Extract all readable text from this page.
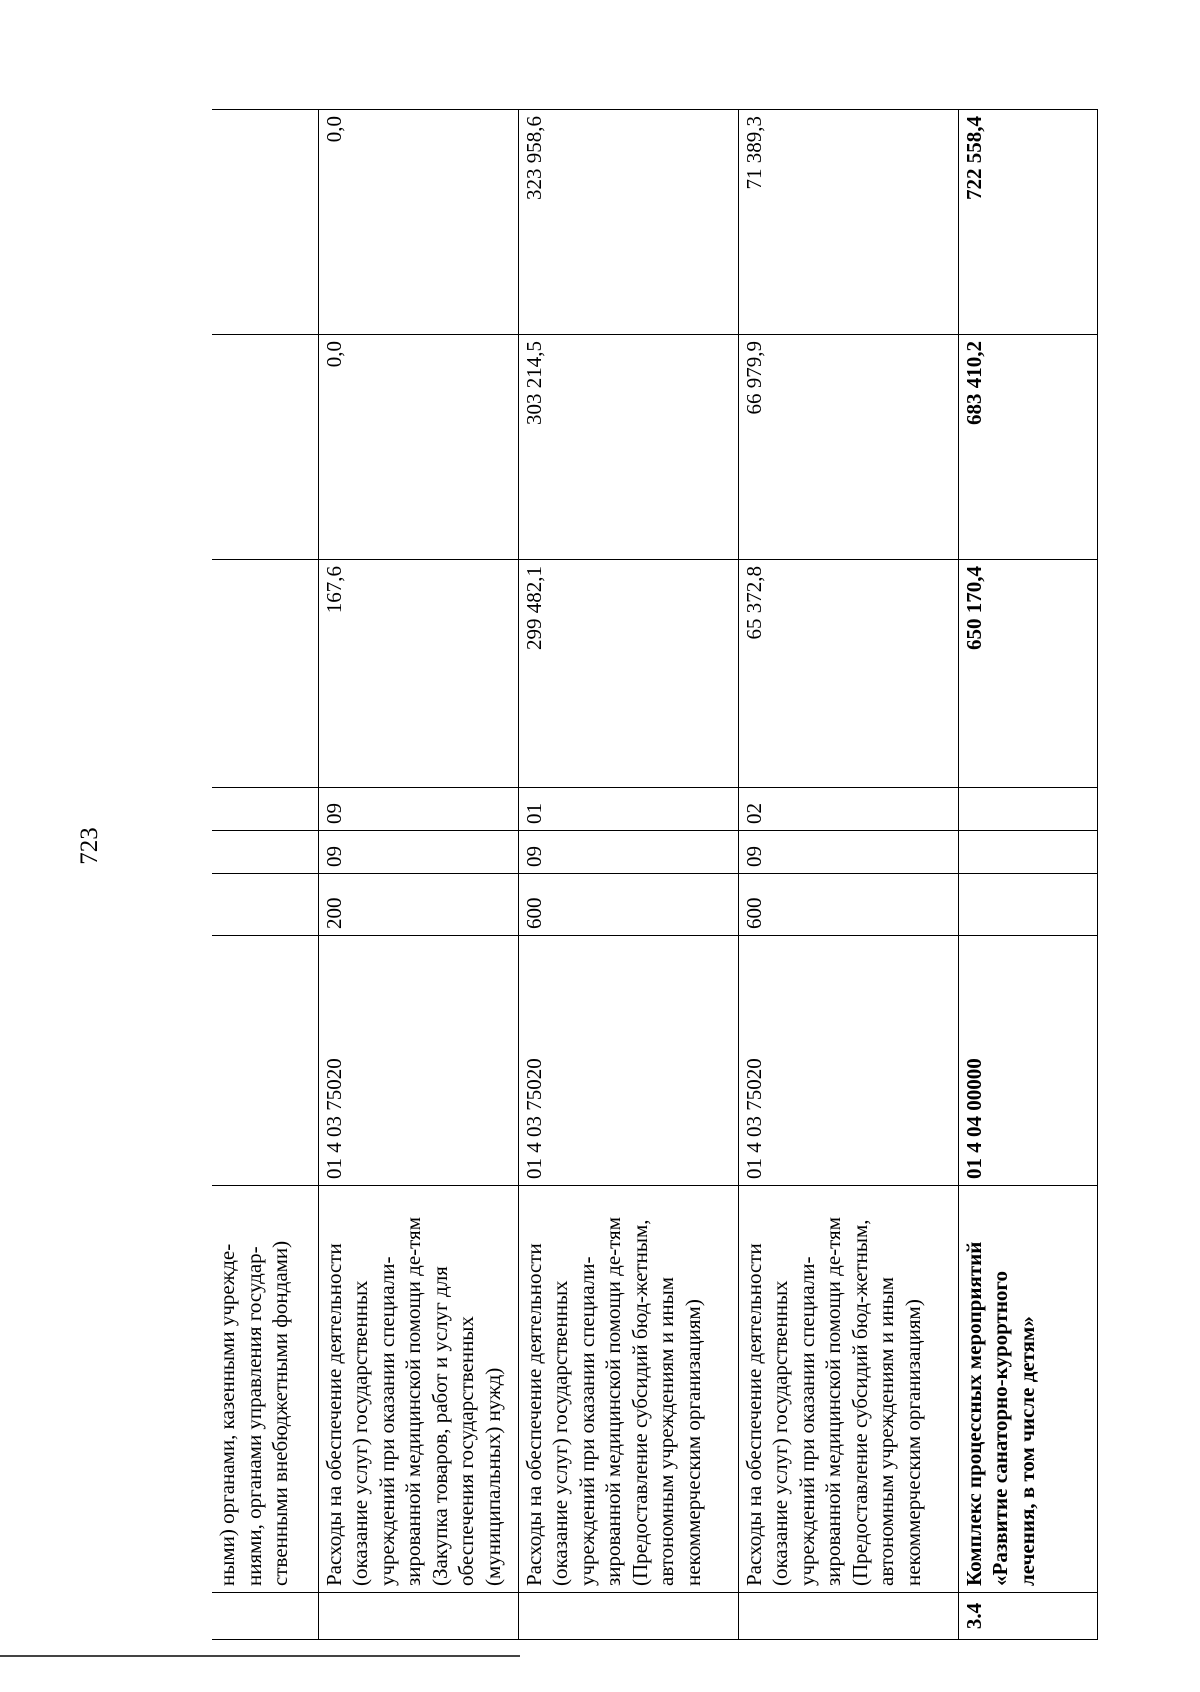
723
	ными) органами, казенными учрежде-ниями, органами управления государ-ственными внебюджетными фондами)							
	Расходы на обеспечение деятельности (оказание услуг) государственных учреждений при оказании специали-зированной медицинской помощи де-тям (Закупка товаров, работ и услуг для обеспечения государственных (муниципальных) нужд)	01 4 03 75020	200	09	09	167,6	0,0	0,0
	Расходы на обеспечение деятельности (оказание услуг) государственных учреждений при оказании специали-зированной медицинской помощи де-тям (Предоставление субсидий бюд-жетным, автономным учреждениям и иным некоммерческим организациям)	01 4 03 75020	600	09	01	299 482,1	303 214,5	323 958,6
	Расходы на обеспечение деятельности (оказание услуг) государственных учреждений при оказании специали-зированной медицинской помощи де-тям (Предоставление субсидий бюд-жетным, автономным учреждениям и иным некоммерческим организациям)	01 4 03 75020	600	09	02	65 372,8	66 979,9	71 389,3
3.4	Комплекс процессных мероприятий «Развитие санаторно-курортного лечения, в том числе детям»	01 4 04 00000				650 170,4	683 410,2	722 558,4
